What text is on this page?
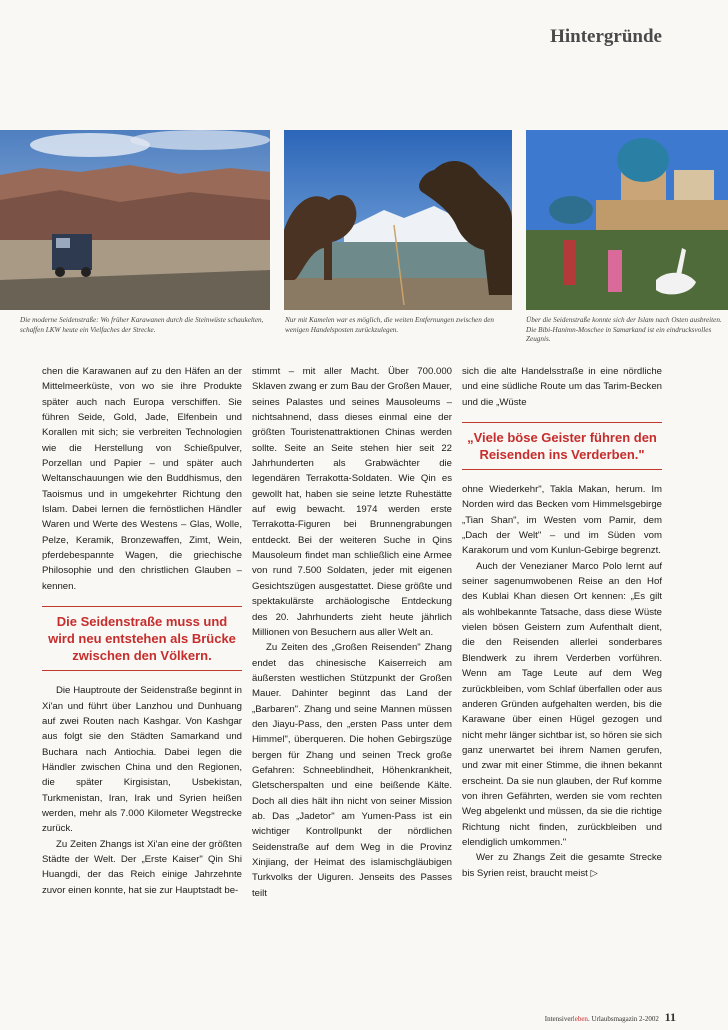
Hintergründe
Die moderne Seidenstraße: Wo früher Karawanen durch die Steinwüste schaukelten, schaffen LKW heute ein Vielfaches der Strecke.
Nur mit Kamelen war es möglich, die weiten Entfernungen zwischen den wenigen Handelsposten zurückzulegen.
Über die Seidenstraße konnte sich der Islam nach Osten ausbreiten. Die Bibi-Hanimn-Moschee in Samarkand ist ein eindrucksvolles Zeugnis.

chen die Karawanen auf zu den Häfen an der Mittelmeerküste, von wo sie ihre Produkte später auch nach Europa verschiffen. Sie führen Seide, Gold, Jade, Elfenbein und Korallen mit sich; sie verbreiten Technologien wie die Herstellung von Schießpulver, Porzellan und Papier – und später auch Weltanschauungen wie den Buddhismus, den Taoismus und in umgekehrter Richtung den Islam. Dabei lernen die fernöstlichen Händler Waren und Werte des Westens – Glas, Wolle, Pelze, Keramik, Bronzewaffen, Zimt, Wein, pferdebespannte Wagen, die griechische Philosophie und den christlichen Glauben – kennen.

Die Seidenstraße muss und wird neu entstehen als Brücke zwischen den Völkern.

Die Hauptroute der Seidenstraße beginnt in Xi'an und führt über Lanzhou und Dunhuang auf zwei Routen nach Kashgar. Von Kashgar aus folgt sie den Städten Samarkand und Buchara nach Antiochia. Dabei legen die Händler zwischen China und den Regionen, die später Kirgisistan, Usbekistan, Turkmenistan, Iran, Irak und Syrien heißen werden, mehr als 7.000 Kilometer Wegstrecke zurück.

Zu Zeiten Zhangs ist Xi'an eine der größten Städte der Welt. Der „Erste Kaiser" Qin Shi Huangdi, der das Reich einige Jahrzehnte zuvor einen konnte, hat sie zur Hauptstadt be-

stimmt – mit aller Macht. Über 700.000 Sklaven zwang er zum Bau der Großen Mauer, seines Palastes und seines Mausoleums – nichtsahnend, dass dieses einmal eine der größten Touristenattraktionen Chinas werden sollte. Seite an Seite stehen hier seit 22 Jahrhunderten als Grabwächter die legendären Terrakotta-Soldaten. Wie Qin es gewollt hat, haben sie seine letzte Ruhestätte auf ewig bewacht. 1974 werden erste Terrakotta-Figuren bei Brunnengrabungen entdeckt. Bei der weiteren Suche in Qins Mausoleum findet man schließlich eine Armee von rund 7.500 Soldaten, jeder mit eigenen Gesichtszügen ausgestattet. Diese größte und spektakulärste archäologische Entdeckung des 20. Jahrhunderts zieht heute jährlich Millionen von Besuchern aus aller Welt an.

Zu Zeiten des „Großen Reisenden" Zhang endet das chinesische Kaiserreich am äußersten westlichen Stützpunkt der Großen Mauer. Dahinter beginnt das Land der „Barbaren". Zhang und seine Mannen müssen den Jiayu-Pass, den „ersten Pass unter dem Himmel", überqueren. Die hohen Gebirgszüge bergen für Zhang und seinen Treck große Gefahren: Schneeblindheit, Höhenkrankheit, Gletscherspalten und eine beißende Kälte. Doch all dies hält ihn nicht von seiner Mission ab. Das „Jadetor" am Yumen-Pass ist ein wichtiger Kontrollpunkt der nördlichen Seidenstraße auf dem Weg in die Provinz Xinjiang, der Heimat des islamischgläubigen Turkvolks der Uiguren. Jenseits des Passes teilt

sich die alte Handelsstraße in eine nördliche und eine südliche Route um das Tarim-Becken und die „Wüste

„Viele böse Geister führen den Reisenden ins Verderben."

ohne Wiederkehr", Takla Makan, herum. Im Norden wird das Becken vom Himmelsgebirge „Tian Shan", im Westen vom Pamir, dem „Dach der Welt" – und im Süden vom Karakorum und vom Kunlun-Gebirge begrenzt.

Auch der Venezianer Marco Polo lernt auf seiner sagenumwobenen Reise an den Hof des Kublai Khan diesen Ort kennen: „Es gilt als wohlbekannte Tatsache, dass diese Wüste vielen bösen Geistern zum Aufenthalt dient, die den Reisenden allerlei sonderbares Blendwerk zu ihrem Verderben vorführen. Wenn am Tage Leute auf dem Weg zurückbleiben, vom Schlaf überfallen oder aus anderen Gründen aufgehalten werden, bis die Karawane über einen Hügel gezogen und nicht mehr länger sichtbar ist, so hören sie sich ganz unerwartet bei ihrem Namen gerufen, und zwar mit einer Stimme, die ihnen bekannt erscheint. Da sie nun glauben, der Ruf komme von ihren Gefährten, werden sie vom rechten Weg abgelenkt und müssen, da sie die richtige Richtung nicht finden, zurückbleiben und elendiglich umkommen."

Wer zu Zhangs Zeit die gesamte Strecke bis Syrien reist, braucht meist ▷

Intensiverleben. Urlaubsmagazin 2-2002 11
